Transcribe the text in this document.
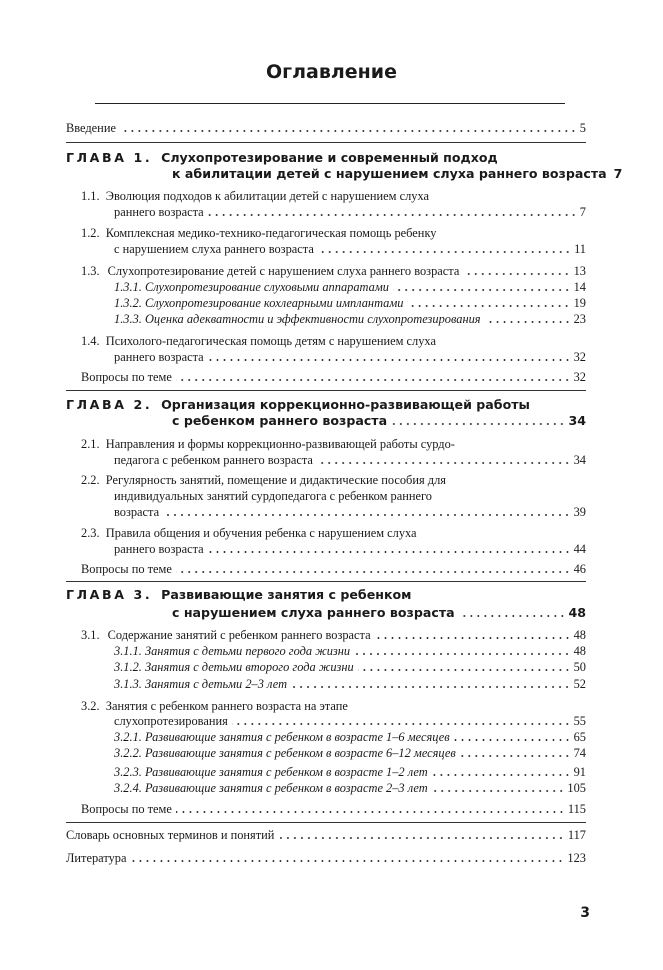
Оглавление
Введение	5
ГЛАВА 1. Слухопротезирование и современный подход
к абилитации детей с нарушением слуха раннего возраста 7
1.1. Эволюция подходов к абилитации детей с нарушением слуха
раннего возраста	7
1.2. Комплексная медико-технико-педагогическая помощь ребенку
с нарушением слуха раннего возраста	11
1.3. Слухопротезирование детей с нарушением слуха раннего возраста	13
1.3.1. Слухопротезирование слуховыми аппаратами	14
1.3.2. Слухопротезирование кохлеарными имплантами	19
1.3.3. Оценка адекватности и эффективности слухопротезирования	23
1.4. Психолого-педагогическая помощь детям с нарушением слуха
раннего возраста	32
Вопросы по теме	32
ГЛАВА 2. Организация коррекционно-развивающей работы
с ребенком раннего возраста	34
2.1. Направления и формы коррекционно-развивающей работы сурдо-
педагога с ребенком раннего возраста	34
2.2. Регулярность занятий, помещение и дидактические пособия для
индивидуальных занятий сурдопедагога с ребенком раннего
возраста	39
2.3. Правила общения и обучения ребенка с нарушением слуха
раннего возраста	44
Вопросы по теме	46
ГЛАВА 3. Развивающие занятия с ребенком
с нарушением слуха раннего возраста	48
3.1. Содержание занятий с ребенком раннего возраста	48
3.1.1. Занятия с детьми первого года жизни	48
3.1.2. Занятия с детьми второго года жизни	50
3.1.3. Занятия с детьми 2–3 лет	52
3.2. Занятия с ребенком раннего возраста на этапе
слухопротезирования	55
3.2.1. Развивающие занятия с ребенком в возрасте 1–6 месяцев	65
3.2.2. Развивающие занятия с ребенком в возрасте 6–12 месяцев	74
3.2.3. Развивающие занятия с ребенком в возрасте 1–2 лет	91
3.2.4. Развивающие занятия с ребенком в возрасте 2–3 лет	105
Вопросы по теме	115
Словарь основных терминов и понятий	117
Литература	123
3
